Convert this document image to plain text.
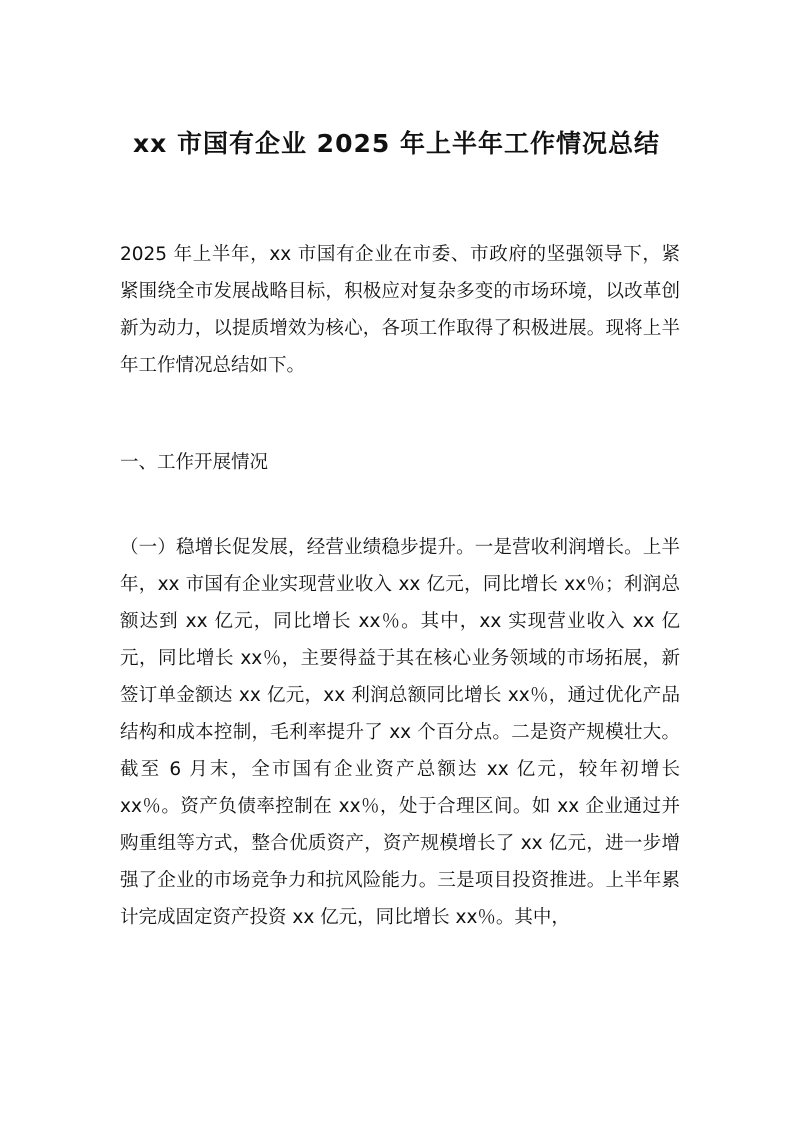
xx 市国有企业 2025 年上半年工作情况总结

2025 年上半年，xx 市国有企业在市委、市政府的坚强领导下，紧紧围绕全市发展战略目标，积极应对复杂多变的市场环境，以改革创新为动力，以提质增效为核心，各项工作取得了积极进展。现将上半年工作情况总结如下。

一、工作开展情况

（一）稳增长促发展，经营业绩稳步提升。一是营收利润增长。上半年，xx 市国有企业实现营业收入 xx 亿元，同比增长 xx％；利润总额达到 xx 亿元，同比增长 xx％。其中，xx 实现营业收入 xx 亿元，同比增长 xx％，主要得益于其在核心业务领域的市场拓展，新签订单金额达 xx 亿元，xx 利润总额同比增长 xx％，通过优化产品结构和成本控制，毛利率提升了 xx 个百分点。二是资产规模壮大。截至 6 月末，全市国有企业资产总额达 xx 亿元，较年初增长 xx％。资产负债率控制在 xx％，处于合理区间。如 xx 企业通过并购重组等方式，整合优质资产，资产规模增长了 xx 亿元，进一步增强了企业的市场竞争力和抗风险能力。三是项目投资推进。上半年累计完成固定资产投资 xx 亿元，同比增长 xx％。其中，
